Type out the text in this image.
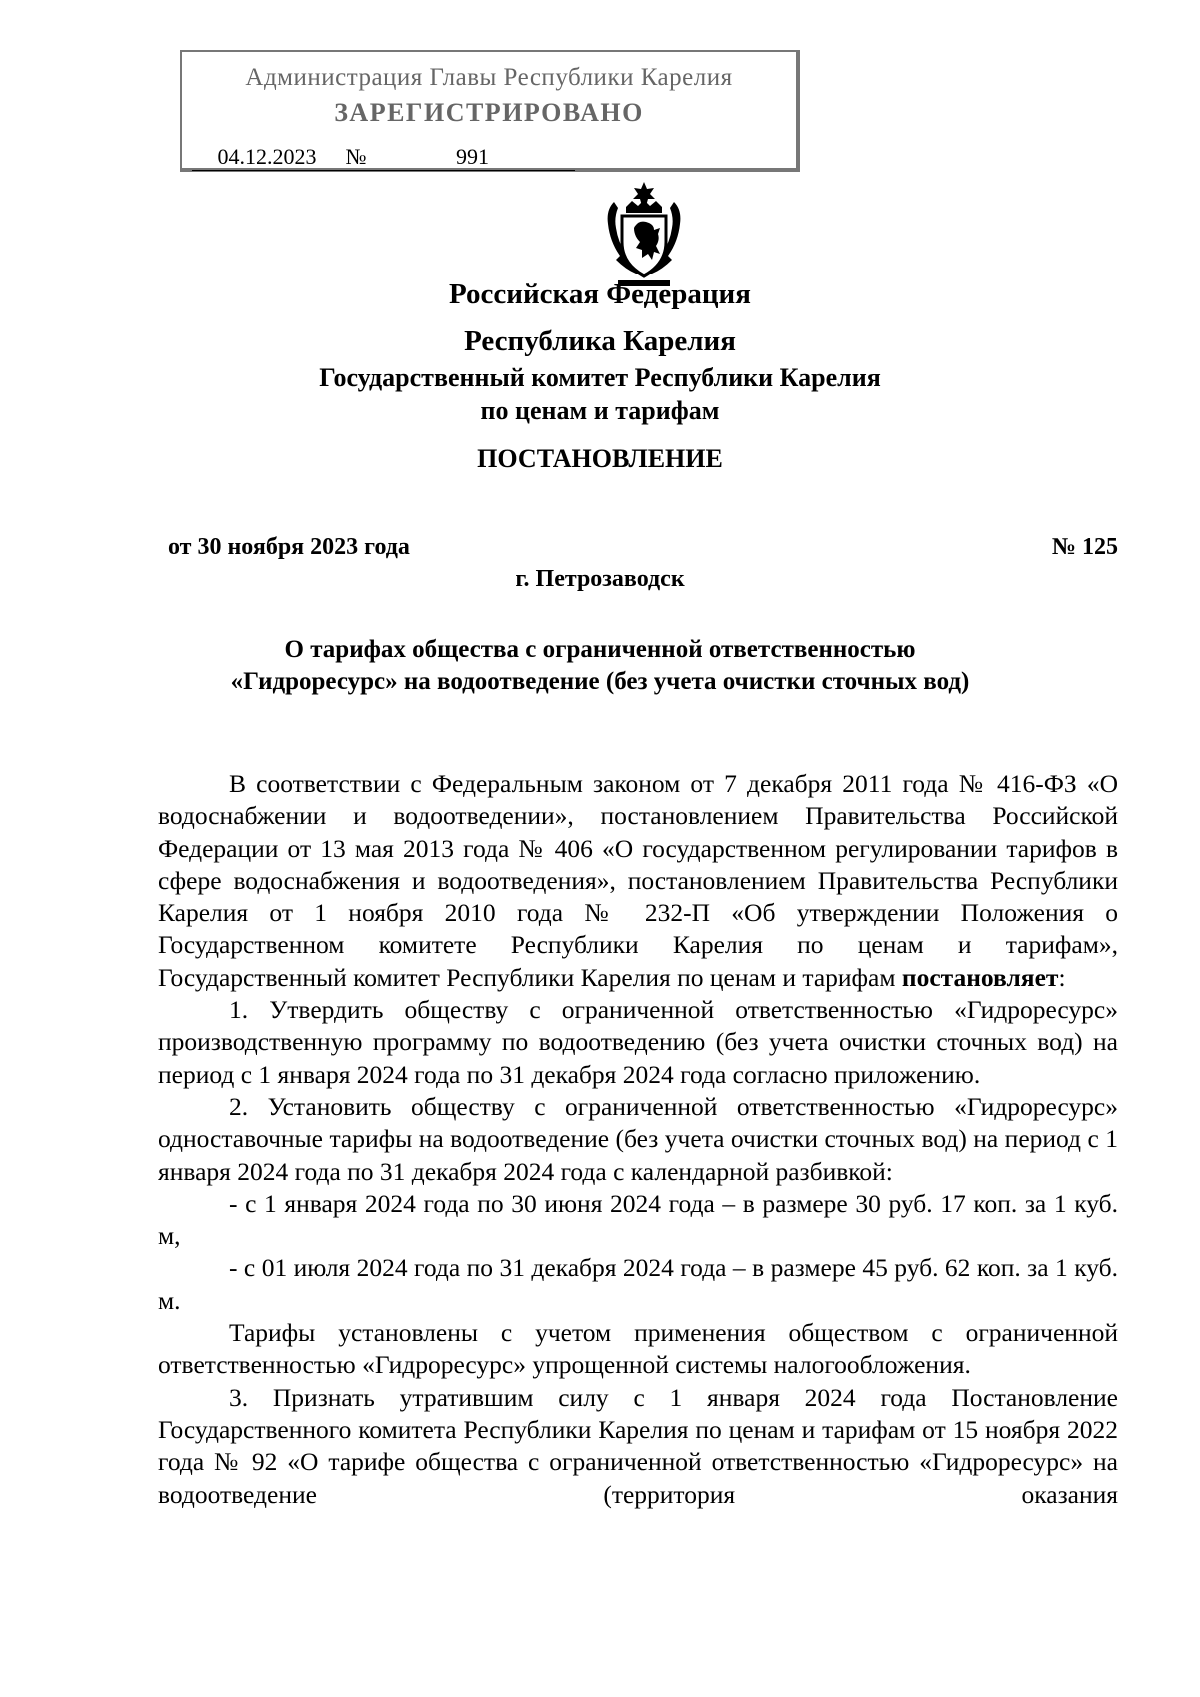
Администрация Главы Республики Карелия
ЗАРЕГИСТРИРОВАНО
04.12.2023 №	991
Российская Федерация
Республика Карелия
Государственный комитет Республики Карелия
по ценам и тарифам
ПОСТАНОВЛЕНИЕ
от 30 ноября 2023 года	№ 125
г. Петрозаводск
О тарифах общества с ограниченной ответственностью
«Гидроресурс» на водоотведение (без учета очистки сточных вод)

В соответствии с Федеральным законом от 7 декабря 2011 года № 416-ФЗ «О водоснабжении и водоотведении», постановлением Правительства Российской Федерации от 13 мая 2013 года № 406 «О государственном регулировании тарифов в сфере водоснабжения и водоотведения», постановлением Правительства Республики Карелия от 1 ноября 2010 года № 232-П «Об утверждении Положения о Государственном комитете Республики Карелия по ценам и тарифам», Государственный комитет Республики Карелия по ценам и тарифам постановляет:

1. Утвердить обществу с ограниченной ответственностью «Гидроресурс» производственную программу по водоотведению (без учета очистки сточных вод) на период с 1 января 2024 года по 31 декабря 2024 года согласно приложению.

2. Установить обществу с ограниченной ответственностью «Гидроресурс» одноставочные тарифы на водоотведение (без учета очистки сточных вод) на период с 1 января 2024 года по 31 декабря 2024 года с календарной разбивкой:

- с 1 января 2024 года по 30 июня 2024 года – в размере 30 руб. 17 коп. за 1 куб. м,

- с 01 июля 2024 года по 31 декабря 2024 года – в размере 45 руб. 62 коп. за 1 куб. м.

Тарифы установлены с учетом применения обществом с ограниченной ответственностью «Гидроресурс» упрощенной системы налогообложения.

3. Признать утратившим силу с 1 января 2024 года Постановление Государственного комитета Республики Карелия по ценам и тарифам от 15 ноября 2022 года № 92 «О тарифе общества с ограниченной ответственностью «Гидроресурс» на водоотведение (территория оказания
